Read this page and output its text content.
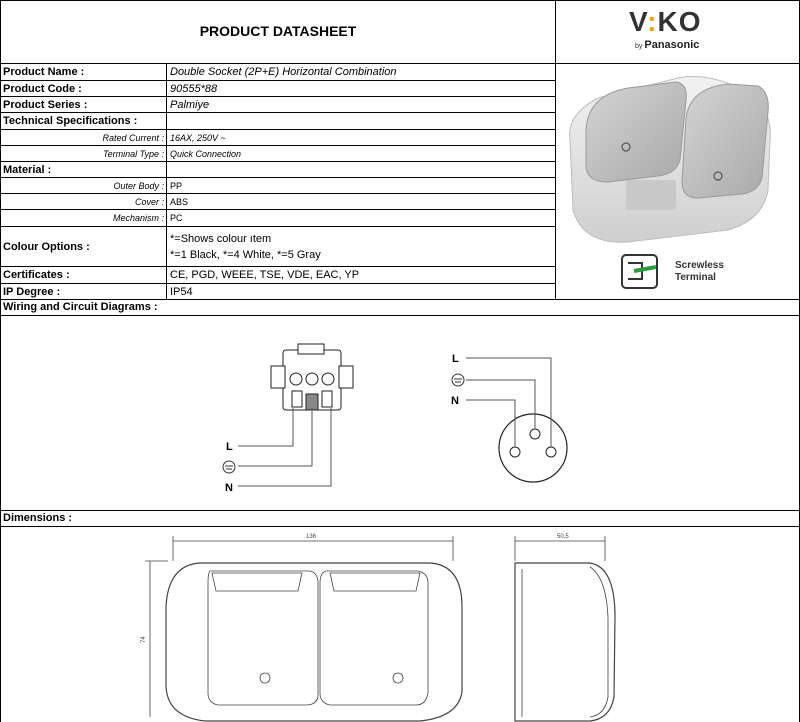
PRODUCT DATASHEET	V:KO
by Panasonic
Product Name :	Double Socket (2P+E) Horizontal Combination
Product Code :	90555*88
Product Series :	Palmiye
Technical Specifications :
Rated Current : 16AX, 250V ~
Terminal Type : Quick Connection
Material :
Outer Body : PP
Cover : ABS
Mechanism : PC
Colour Options :
*=Shows colour ıtem
*=1 Black, *=4 White, *=5 Gray
Certificates :	CE, PGD, WEEE, TSE, VDE, EAC, YP
IP Degree :	IP54
Screwless
Terminal
Wiring and Circuit Diagrams :
L
N
L
N
Dimensions :
136
74
50,5
